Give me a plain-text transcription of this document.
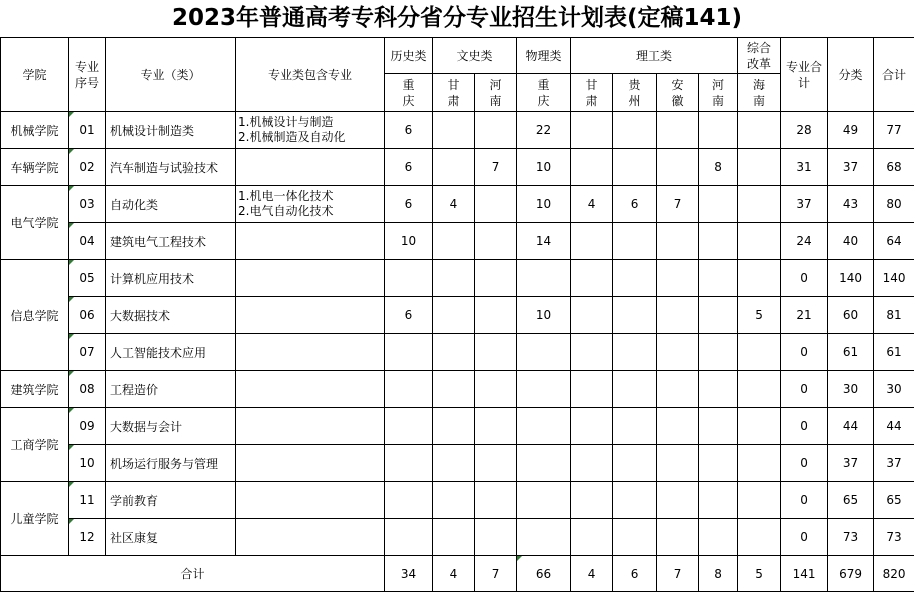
2023年普通高考专科分省分专业招生计划表(定稿141)
学院	专业序号	专业（类）	专业类包含专业	历史类	文史类		物理类	理工类				综合改革	专业合计	分类	合计
				重庆	甘肃	河南	重庆	甘肃	贵州	安徽	河南	海南			
机械学院	01	机械设计制造类	1.机械设计与制造
2.机械制造及自动化	6			22						28	49	77
车辆学院	02	汽车制造与试验技术		6		7	10				8		31	37	68
电气学院	03	自动化类	1.机电一体化技术
2.电气自动化技术	6	4		10	4	6	7			37	43	80
	04	建筑电气工程技术		10			14						24	40	64
信息学院	05	计算机应用技术											0	140	140
	06	大数据技术		6			10					5	21	60	81
	07	人工智能技术应用											0	61	61
建筑学院	08	工程造价											0	30	30
工商学院	09	大数据与会计											0	44	44
	10	机场运行服务与管理											0	37	37
儿童学院	11	学前教育											0	65	65
	12	社区康复											0	73	73
合计				34	4	7	66	4	6	7	8	5	141	679	820
